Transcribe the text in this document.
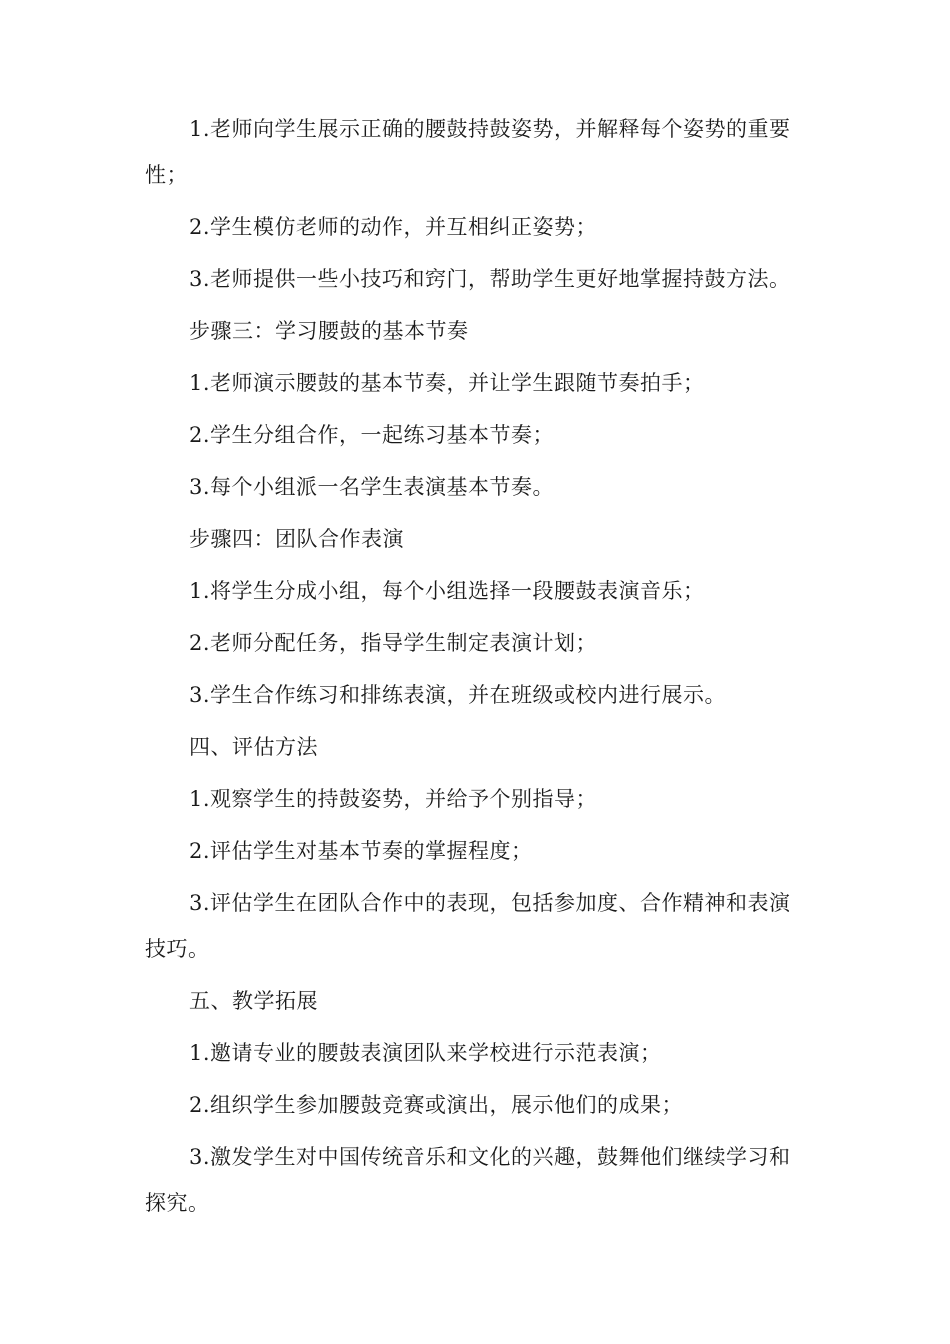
1.老师向学生展示正确的腰鼓持鼓姿势，并解释每个姿势的重要性；

2.学生模仿老师的动作，并互相纠正姿势；

3.老师提供一些小技巧和窍门，帮助学生更好地掌握持鼓方法。

步骤三：学习腰鼓的基本节奏

1.老师演示腰鼓的基本节奏，并让学生跟随节奏拍手；

2.学生分组合作，一起练习基本节奏；

3.每个小组派一名学生表演基本节奏。

步骤四：团队合作表演

1.将学生分成小组，每个小组选择一段腰鼓表演音乐；

2.老师分配任务，指导学生制定表演计划；

3.学生合作练习和排练表演，并在班级或校内进行展示。

四、评估方法

1.观察学生的持鼓姿势，并给予个别指导；

2.评估学生对基本节奏的掌握程度；

3.评估学生在团队合作中的表现，包括参加度、合作精神和表演技巧。

五、教学拓展

1.邀请专业的腰鼓表演团队来学校进行示范表演；

2.组织学生参加腰鼓竞赛或演出，展示他们的成果；

3.激发学生对中国传统音乐和文化的兴趣，鼓舞他们继续学习和探究。
